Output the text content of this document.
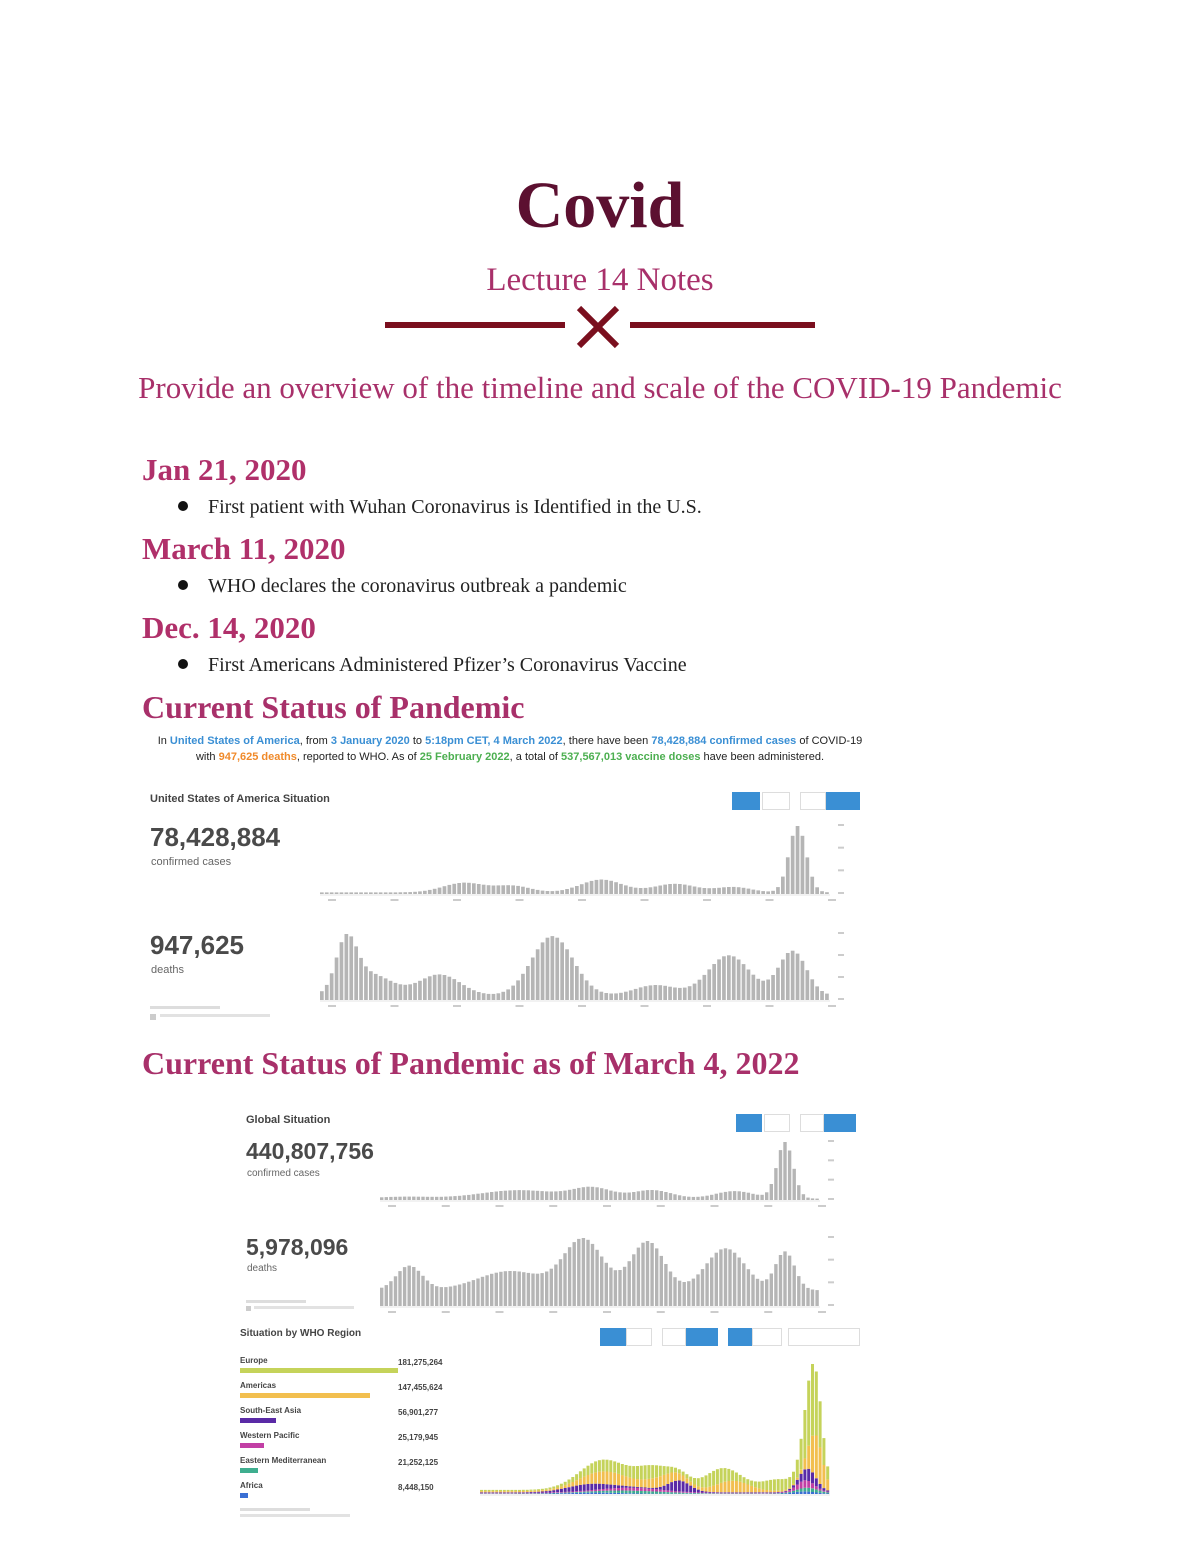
Covid
Lecture 14 Notes
Provide an overview of the timeline and scale of the COVID-19 Pandemic
Jan 21, 2020
First patient with Wuhan Coronavirus is Identified in the U.S.
March 11, 2020
WHO declares the coronavirus outbreak a pandemic
Dec. 14, 2020
First Americans Administered Pfizer’s Coronavirus Vaccine
Current Status of Pandemic
In United States of America, from 3 January 2020 to 5:18pm CET, 4 March 2022, there have been 78,428,884 confirmed cases of COVID-19
with 947,625 deaths, reported to WHO. As of 25 February 2022, a total of 537,567,013 vaccine doses have been administered.
United States of America Situation
78,428,884
confirmed cases
947,625
deaths
Current Status of Pandemic as of March 4, 2022
Global Situation
440,807,756
confirmed cases
5,978,096
deaths
Situation by WHO Region
Europe	181,275,264
Americas	147,455,624
South-East Asia	56,901,277
Western Pacific	25,179,945
Eastern Mediterranean	21,252,125
Africa	8,448,150
